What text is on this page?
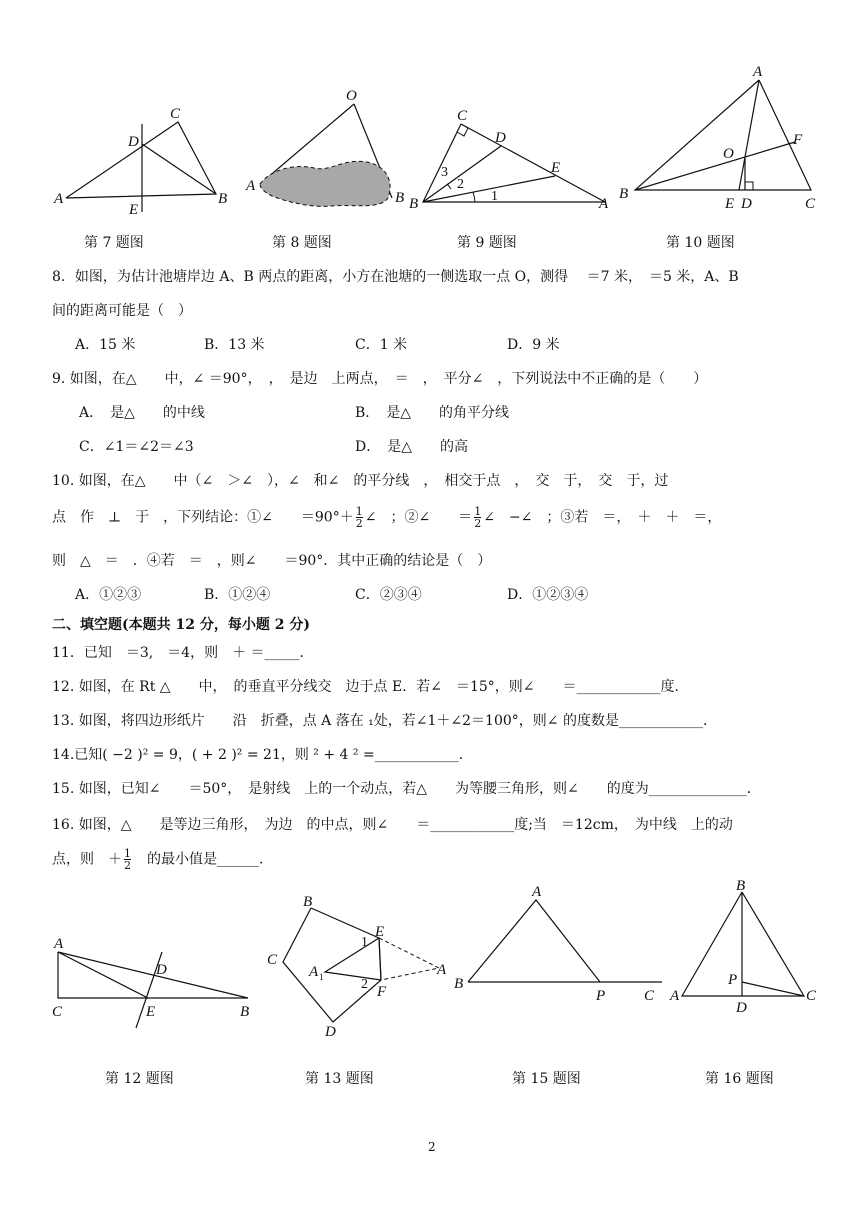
A	B
C
D
E
第 7 题图
O
A
B
第 8 题图
1
2
3
A
B
C
D
E
第 9 题图
A
B
C
D
E
F
O
第 10 题图
8．如图，为估计池塘岸边 A、B 两点的距离，小方在池塘的一侧选取一点 O，测得 　＝7 米，　＝5 米，A、B
间的距离可能是（　）
A．15 米	B．13 米	C．1 米	D．9 米
9. 如图，在△　　中，∠ ＝90°，　，　是边　上两点，　＝　，　平分∠　，下列说法中不正确的是（　　）
A．　是△　　的中线	B．　是△　　的角平分线
C．∠1＝∠2＝∠3	D．　是△　　的高
10. 如图，在△　　中（∠　＞∠　），∠　和∠　的平分线　，　相交于点　，　交　于，　交　于，过
点　作　⊥　于　，下列结论：①∠　　$=90^\circ+ \frac{1}{2}$ ∠　；②∠　　＝ $\frac{1}{2}$ ∠　−∠　；③若　＝，　＋　＋　＝，
则　△　＝　．④若　＝　，则∠　　＝90°．其中正确的结论是（　）
A．①②③	B．①②④	C．②③④	D．①②③④
二、填空题(本题共 12 分，每小题 2 分)
11．已知　＝3,　＝4，则　＋ ＝_____．
12. 如图，在 Rt △　　中，　的垂直平分线交　边于点 E．若∠　＝15°，则∠　　＝____________度．
13. 如图，将四边形纸片　　沿　折叠，点 A 落在 ₁处，若∠1＋∠2＝100°，则∠ 的度数是____________．
14.已知( −2 )² = 9，( + 2 )² = 21，则 ² + 4 ² =____________．
15. 如图，已知∠　　＝50°，　是射线　上的一个动点，若△　　为等腰三角形，则∠　　的度为______________．
16. 如图，△　　是等边三角形，　为边　的中点，则∠　　＝____________度;当　＝12cm，　为中线　上的动
点，则　＋ $\frac{1}{2}$ 　的最小值是______．
A
B
C
D
E
第 12 题图
B
C
D
E
F
A
A 1
1
2
第 13 题图
A
B
P	C
第 15 题图
B
A	C
D
P
第 16 题图
2
